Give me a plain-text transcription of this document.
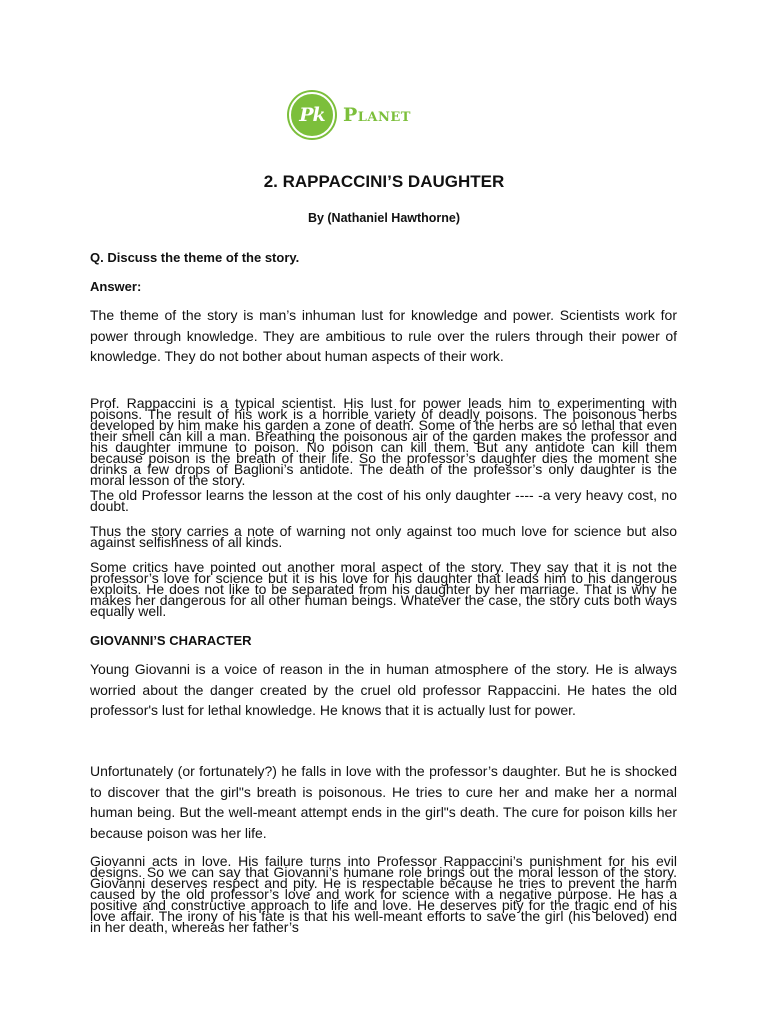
Pk Planet
2. RAPPACCINI’S DAUGHTER
By (Nathaniel Hawthorne)
Q. Discuss the theme of the story.
Answer:
The theme of the story is man’s inhuman lust for knowledge and power. Scientists work for power through knowledge. They are ambitious to rule over the rulers through their power of knowledge. They do not bother about human aspects of their work.
Prof. Rappaccini is a typical scientist. His lust for power leads him to experimenting with poisons. The result of his work is a horrible variety of deadly poisons. The poisonous herbs developed by him make his garden a zone of death. Some of the herbs are so lethal that even their smell can kill a man. Breathing the poisonous air of the garden makes the professor and his daughter immune to poison. No poison can kill them. But any antidote can kill them because poison is the breath of their life. So the professor’s daughter dies the moment she drinks a few drops of Baglioni’s antidote. The death of the professor’s only daughter is the moral lesson of the story.
The old Professor learns the lesson at the cost of his only daughter ---- -a very heavy cost, no doubt.
Thus the story carries a note of warning not only against too much love for science but also against selfishness of all kinds.
Some critics have pointed out another moral aspect of the story. They say that it is not the professor’s love for science but it is his love for his daughter that leads him to his dangerous exploits. He does not like to be separated from his daughter by her marriage. That is why he makes her dangerous for all other human beings. Whatever the case, the story cuts both ways equally well.
GIOVANNI’S CHARACTER
Young Giovanni is a voice of reason in the in human atmosphere of the story. He is always worried about the danger created by the cruel old professor Rappaccini. He hates the old professor's lust for lethal knowledge. He knows that it is actually lust for power.
Unfortunately (or fortunately?) he falls in love with the professor’s daughter. But he is shocked to discover that the girl"s breath is poisonous. He tries to cure her and make her a normal human being. But the well-meant attempt ends in the girl"s death. The cure for poison kills her because poison was her life.
Giovanni acts in love. His failure turns into Professor Rappaccini’s punishment for his evil designs. So we can say that Giovanni’s humane role brings out the moral lesson of the story. Giovanni deserves respect and pity. He is respectable because he tries to prevent the harm caused by the old professor’s love and work for science with a negative purpose. He has a positive and constructive approach to life and love. He deserves pity for the tragic end of his love affair. The irony of his fate is that his well-meant efforts to save the girl (his beloved) end in her death, whereas her father’s
